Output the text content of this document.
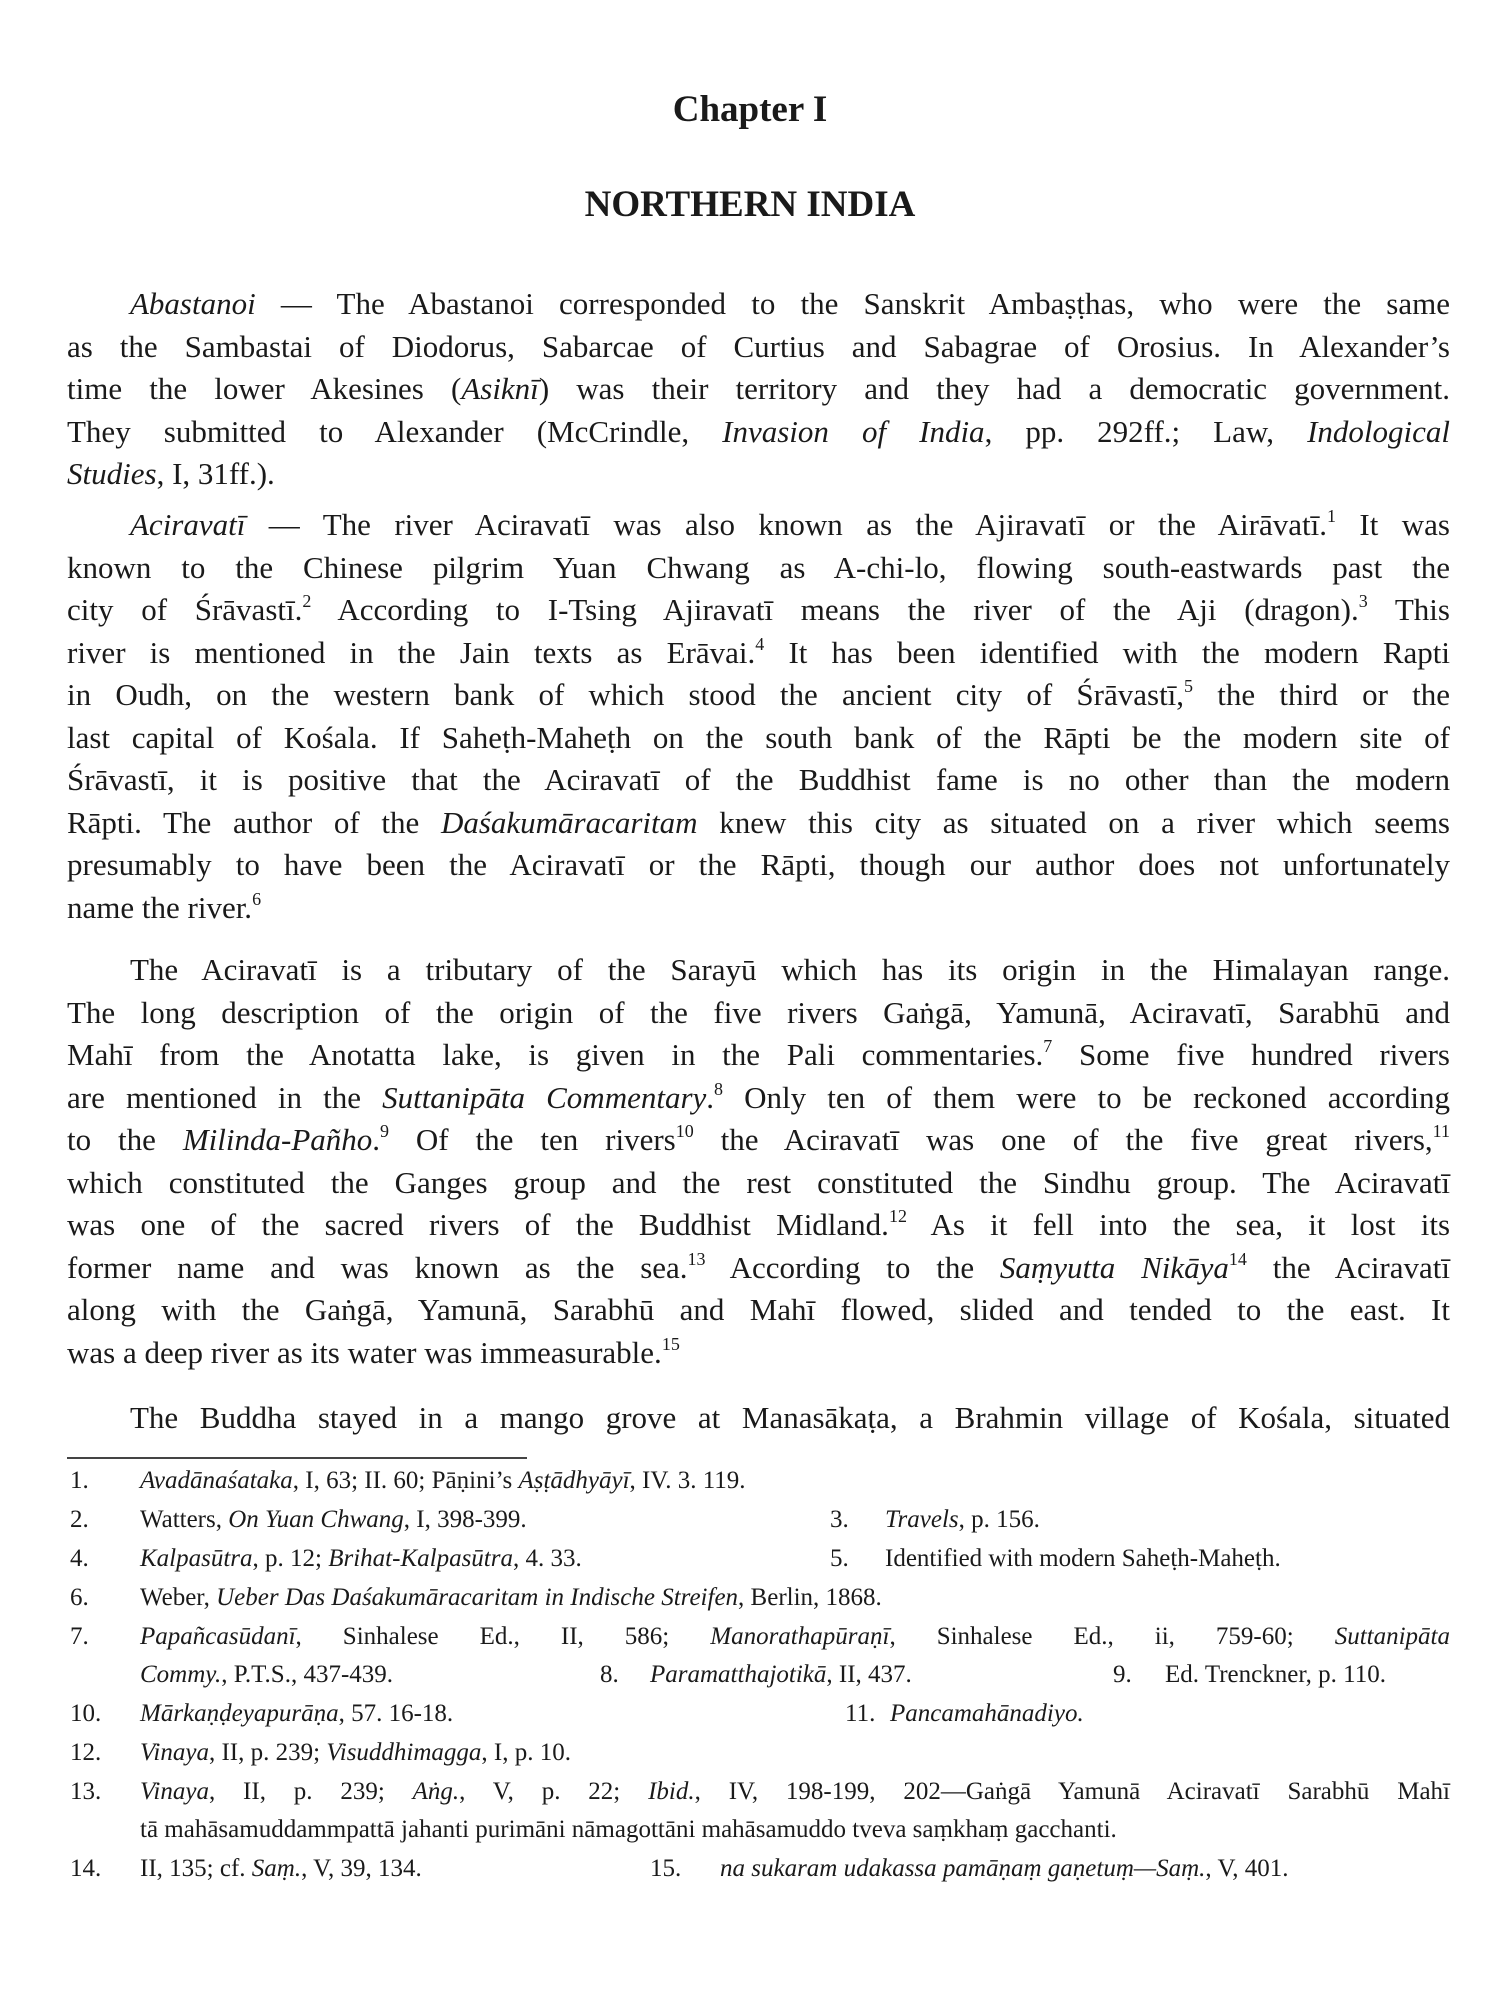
Chapter I
NORTHERN INDIA
Abastanoi — The Abastanoi corresponded to the Sanskrit Ambaṣṭhas, who were the same
as the Sambastai of Diodorus, Sabarcae of Curtius and Sabagrae of Orosius. In Alexander’s
time the lower Akesines (Asiknī) was their territory and they had a democratic government.
They submitted to Alexander (McCrindle, Invasion of India, pp. 292ff.; Law, Indological
Studies, I, 31ff.).
Aciravatī — The river Aciravatī was also known as the Ajiravatī or the Airāvatī.$^1$ It was
known to the Chinese pilgrim Yuan Chwang as A-chi-lo, flowing south-eastwards past the
city of Śrāvastī.$^2$ According to I-Tsing Ajiravatī means the river of the Aji (dragon).$^3$ This
river is mentioned in the Jain texts as Erāvai.$^4$ It has been identified with the modern Rapti
in Oudh, on the western bank of which stood the ancient city of Śrāvastī,$^5$ the third or the
last capital of Kośala. If Saheṭh-Maheṭh on the south bank of the Rāpti be the modern site of
Śrāvastī, it is positive that the Aciravatī of the Buddhist fame is no other than the modern
Rāpti. The author of the Daśakumāracaritam knew this city as situated on a river which seems
presumably to have been the Aciravatī or the Rāpti, though our author does not unfortunately
name the river.$^6$
The Aciravatī is a tributary of the Sarayū which has its origin in the Himalayan range.
The long description of the origin of the five rivers Gaṅgā, Yamunā, Aciravatī, Sarabhū and
Mahī from the Anotatta lake, is given in the Pali commentaries.$^7$ Some five hundred rivers
are mentioned in the Suttanipāta Commentary.$^8$ Only ten of them were to be reckoned according
to the Milinda-Pañho.$^9$ Of the ten rivers$^{10}$ the Aciravatī was one of the five great rivers,$^{11}$
which constituted the Ganges group and the rest constituted the Sindhu group. The Aciravatī
was one of the sacred rivers of the Buddhist Midland.$^{12}$ As it fell into the sea, it lost its
former name and was known as the sea.$^{13}$ According to the Saṃyutta Nikāya$^{14}$ the Aciravatī
along with the Gaṅgā, Yamunā, Sarabhū and Mahī flowed, slided and tended to the east. It
was a deep river as its water was immeasurable.$^{15}$
The Buddha stayed in a mango grove at Manasākaṭa, a Brahmin village of Kośala, situated
1. Avadānaśataka, I, 63; II. 60; Pāṇini’s Aṣṭādhyāyī, IV. 3. 119.
2. Watters, On Yuan Chwang, I, 398-399.	3. Travels, p. 156.
4. Kalpasūtra, p. 12; Brihat-Kalpasūtra, 4. 33.	5. Identified with modern Saheṭh-Maheṭh.
6. Weber, Ueber Das Daśakumāracaritam in Indische Streifen, Berlin, 1868.
7. Papañcasūdanī, Sinhalese Ed., II, 586; Manorathapūraṇī, Sinhalese Ed., ii, 759-60; Suttanipāta
Commy., P.T.S., 437-439.	8. Paramatthajotikā, II, 437.	9. Ed. Trenckner, p. 110.
10. Mārkaṇḍeyapurāṇa, 57. 16-18.	11. Pancamahānadiyo.
12. Vinaya, II, p. 239; Visuddhimagga, I, p. 10.
13. Vinaya, II, p. 239; Aṅg., V, p. 22; Ibid., IV, 198-199, 202—Gaṅgā Yamunā Aciravatī Sarabhū Mahī
tā mahāsamuddammpattā jahanti purimāni nāmagottāni mahāsamuddo tveva saṃkhaṃ gacchanti.
14. II, 135; cf. Saṃ., V, 39, 134.	15. na sukaram udakassa pamāṇaṃ gaṇetuṃ—Saṃ., V, 401.
